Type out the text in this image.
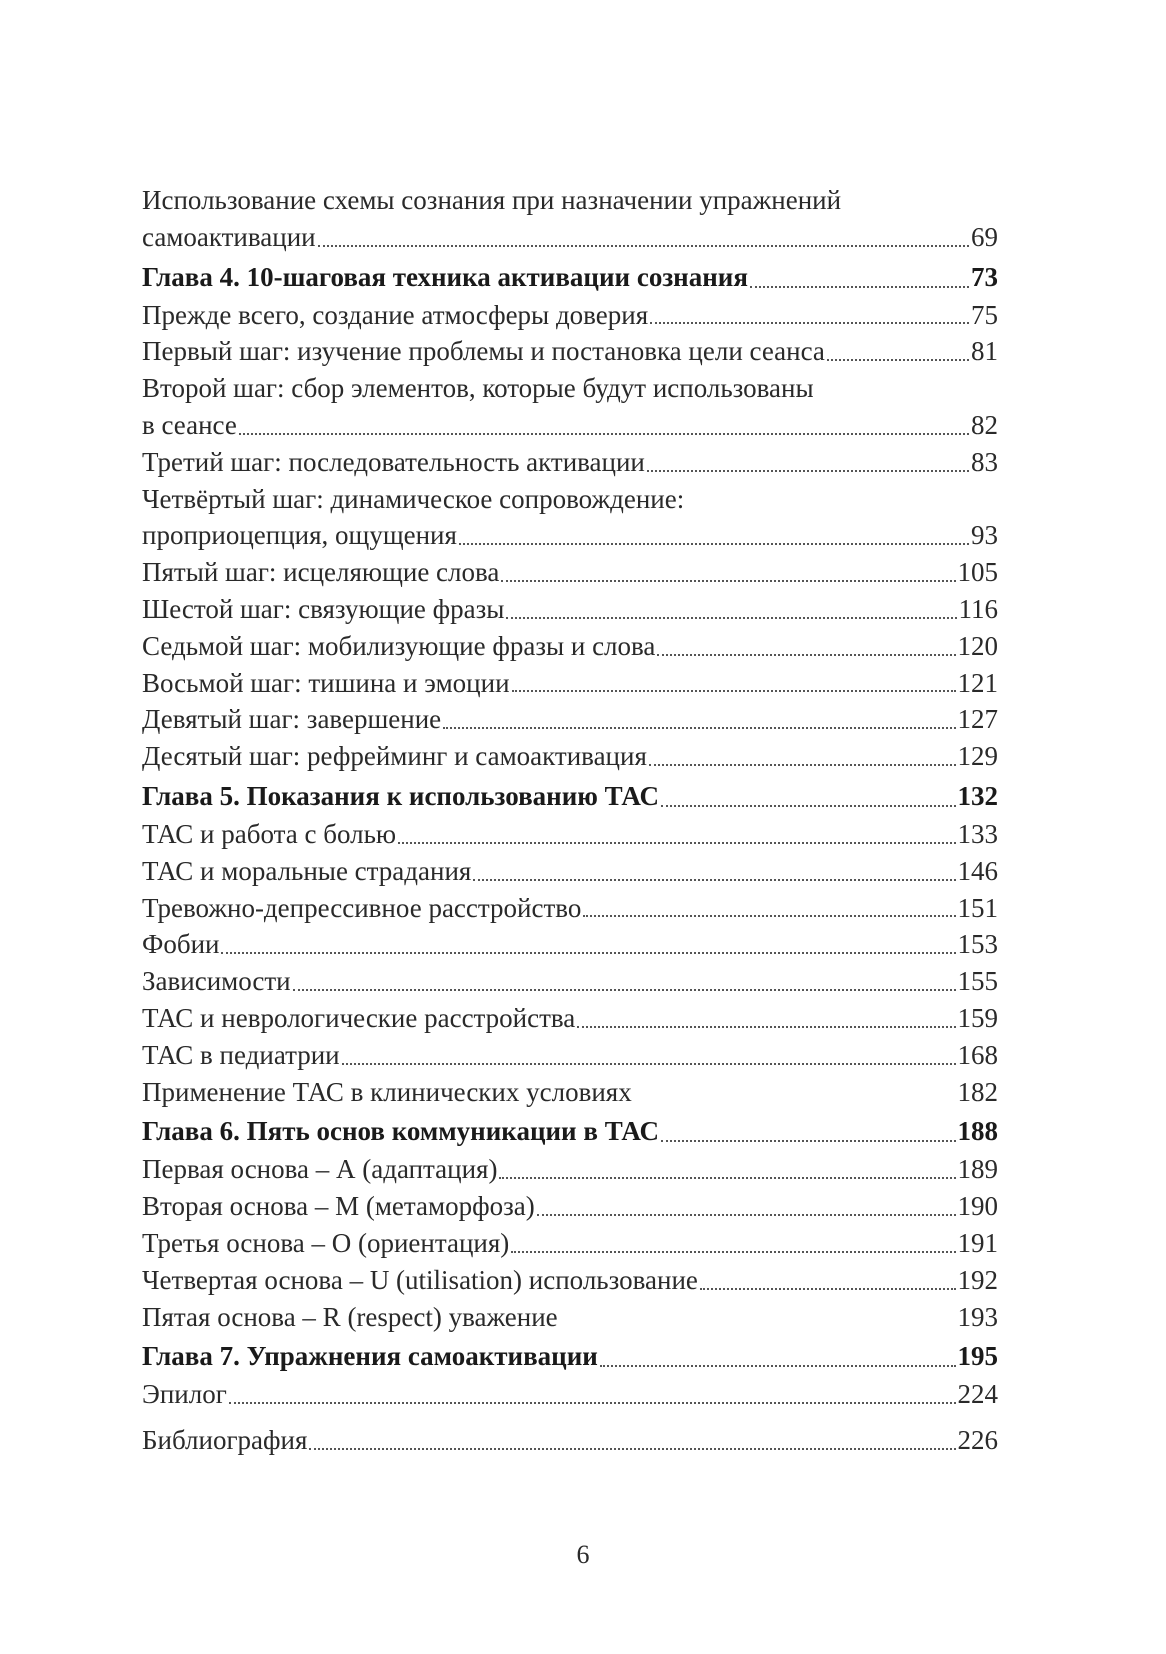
Использование схемы сознания при назначении упражнений
самоактивации	69
Глава 4. 10-шаговая техника активации сознания	73
Прежде всего, создание атмосферы доверия	75
Первый шаг: изучение проблемы и постановка цели сеанса	81
Второй шаг: сбор элементов, которые будут использованы
в сеансе	82
Третий шаг: последовательность активации	83
Четвёртый шаг: динамическое сопровождение:
проприоцепция, ощущения	93
Пятый шаг: исцеляющие слова	105
Шестой шаг: связующие фразы	116
Седьмой шаг: мобилизующие фразы и слова	120
Восьмой шаг: тишина и эмоции	121
Девятый шаг: завершение	127
Десятый шаг: рефрейминг и самоактивация	129
Глава 5. Показания к использованию ТАС	132
ТАС и работа с болью	133
ТАС и моральные страдания	146
Тревожно-депрессивное расстройство	151
Фобии	153
Зависимости	155
ТАС и неврологические расстройства	159
ТАС в педиатрии	168
Применение ТАС в клинических условиях	182
Глава 6. Пять основ коммуникации в ТАС	188
Первая основа – А (адаптация)	189
Вторая основа – М (метаморфоза)	190
Третья основа – О (ориентация)	191
Четвертая основа – U (utilisation) использование	192
Пятая основа – R (respect) уважение	193
Глава 7. Упражнения самоактивации	195
Эпилог	224
Библиография	226
6
